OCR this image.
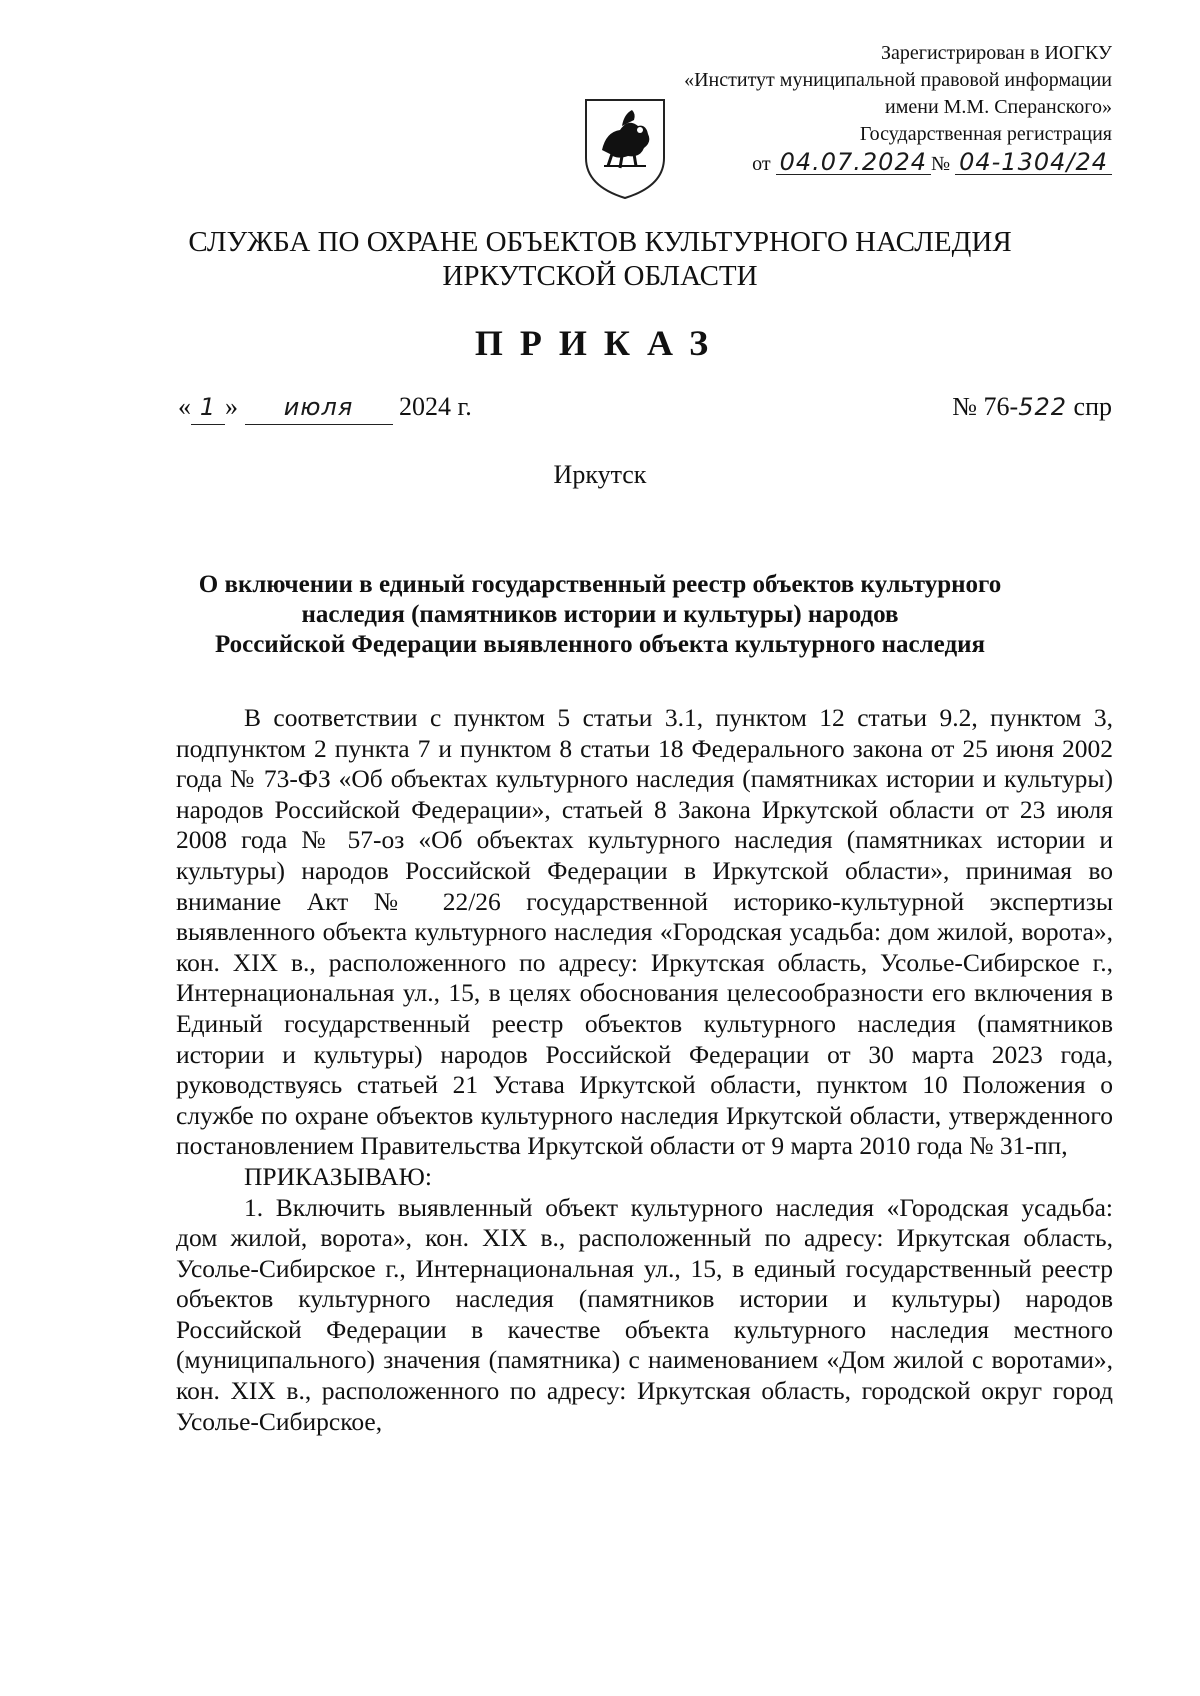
Зарегистрирован в ИОГКУ
«Институт муниципальной правовой информации
имени М.М. Сперанского»
Государственная регистрация
от 04.07.2024 № 04-1304/24
СЛУЖБА ПО ОХРАНЕ ОБЪЕКТОВ КУЛЬТУРНОГО НАСЛЕДИЯ
ИРКУТСКОЙ ОБЛАСТИ
ПРИКАЗ
« 1 » июля 2024 г.	№ 76-522 спр
Иркутск
О включении в единый государственный реестр объектов культурного
наследия (памятников истории и культуры) народов
Российской Федерации выявленного объекта культурного наследия

В соответствии с пунктом 5 статьи 3.1, пунктом 12 статьи 9.2, пунктом 3, подпунктом 2 пункта 7 и пунктом 8 статьи 18 Федерального закона от 25 июня 2002 года № 73-ФЗ «Об объектах культурного наследия (памятниках истории и культуры) народов Российской Федерации», статьей 8 Закона Иркутской области от 23 июля 2008 года № 57-оз «Об объектах культурного наследия (памятниках истории и культуры) народов Российской Федерации в Иркутской области», принимая во внимание Акт № 22/26 государственной историко-культурной экспертизы выявленного объекта культурного наследия «Городская усадьба: дом жилой, ворота», кон. XIX в., расположенного по адресу: Иркутская область, Усолье-Сибирское г., Интернациональная ул., 15, в целях обоснования целесообразности его включения в Единый государственный реестр объектов культурного наследия (памятников истории и культуры) народов Российской Федерации от 30 марта 2023 года, руководствуясь статьей 21 Устава Иркутской области, пунктом 10 Положения о службе по охране объектов культурного наследия Иркутской области, утвержденного постановлением Правительства Иркутской области от 9 марта 2010 года № 31-пп,

ПРИКАЗЫВАЮ:

1. Включить выявленный объект культурного наследия «Городская усадьба: дом жилой, ворота», кон. XIX в., расположенный по адресу: Иркутская область, Усолье-Сибирское г., Интернациональная ул., 15, в единый государственный реестр объектов культурного наследия (памятников истории и культуры) народов Российской Федерации в качестве объекта культурного наследия местного (муниципального) значения (памятника) с наименованием «Дом жилой с воротами», кон. XIX в., расположенного по адресу: Иркутская область, городской округ город Усолье-Сибирское,
